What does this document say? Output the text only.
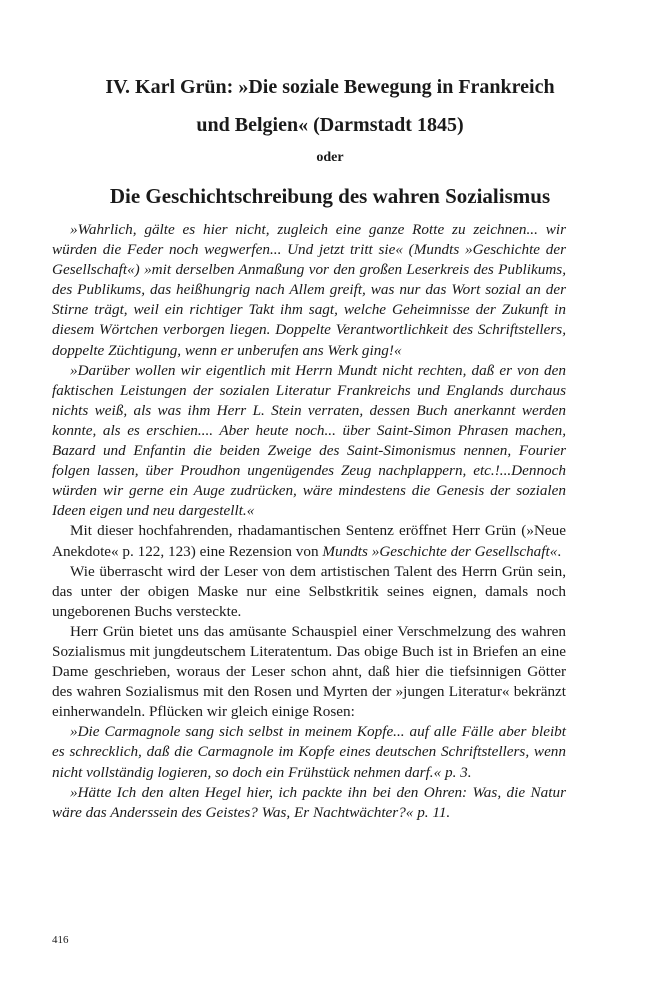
IV. Karl Grün: »Die soziale Bewegung in Frankreich
und Belgien« (Darmstadt 1845)
oder
Die Geschichtschreibung des wahren Sozialismus

»Wahrlich, gälte es hier nicht, zugleich eine ganze Rotte zu zeichnen... wir würden die Feder noch wegwerfen... Und jetzt tritt sie« (Mundts »Geschichte der Gesellschaft«) »mit derselben Anmaßung vor den großen Leserkreis des Publikums, des Publikums, das heißhungrig nach Allem greift, was nur das Wort sozial an der Stirne trägt, weil ein richtiger Takt ihm sagt, welche Geheimnisse der Zukunft in diesem Wörtchen verborgen liegen. Doppelte Verantwortlichkeit des Schriftstellers, doppelte Züchtigung, wenn er unberufen ans Werk ging!«

»Darüber wollen wir eigentlich mit Herrn Mundt nicht rechten, daß er von den faktischen Leistungen der sozialen Literatur Frankreichs und Englands durchaus nichts weiß, als was ihm Herr L. Stein verraten, dessen Buch anerkannt werden konnte, als es erschien.... Aber heute noch... über Saint-Simon Phrasen machen, Bazard und Enfantin die beiden Zweige des Saint-Simonismus nennen, Fourier folgen lassen, über Proudhon ungenügendes Zeug nachplappern, etc.!...Dennoch würden wir gerne ein Auge zudrücken, wäre mindestens die Genesis der sozialen Ideen eigen und neu dargestellt.«

Mit dieser hochfahrenden, rhadamantischen Sentenz eröffnet Herr Grün (»Neue Anekdote« p. 122, 123) eine Rezension von Mundts »Geschichte der Gesellschaft«.

Wie überrascht wird der Leser von dem artistischen Talent des Herrn Grün sein, das unter der obigen Maske nur eine Selbstkritik seines eignen, damals noch ungeborenen Buchs versteckte.

Herr Grün bietet uns das amüsante Schauspiel einer Verschmelzung des wahren Sozialismus mit jungdeutschem Literatentum. Das obige Buch ist in Briefen an eine Dame geschrieben, woraus der Leser schon ahnt, daß hier die tiefsinnigen Götter des wahren Sozialismus mit den Rosen und Myrten der »jungen Literatur« bekränzt einherwandeln. Pflücken wir gleich einige Rosen:

»Die Carmagnole sang sich selbst in meinem Kopfe... auf alle Fälle aber bleibt es schrecklich, daß die Carmagnole im Kopfe eines deutschen Schriftstellers, wenn nicht vollständig logieren, so doch ein Frühstück nehmen darf.« p. 3.

»Hätte Ich den alten Hegel hier, ich packte ihn bei den Ohren: Was, die Natur wäre das Anderssein des Geistes? Was, Er Nachtwächter?« p. 11.

416
